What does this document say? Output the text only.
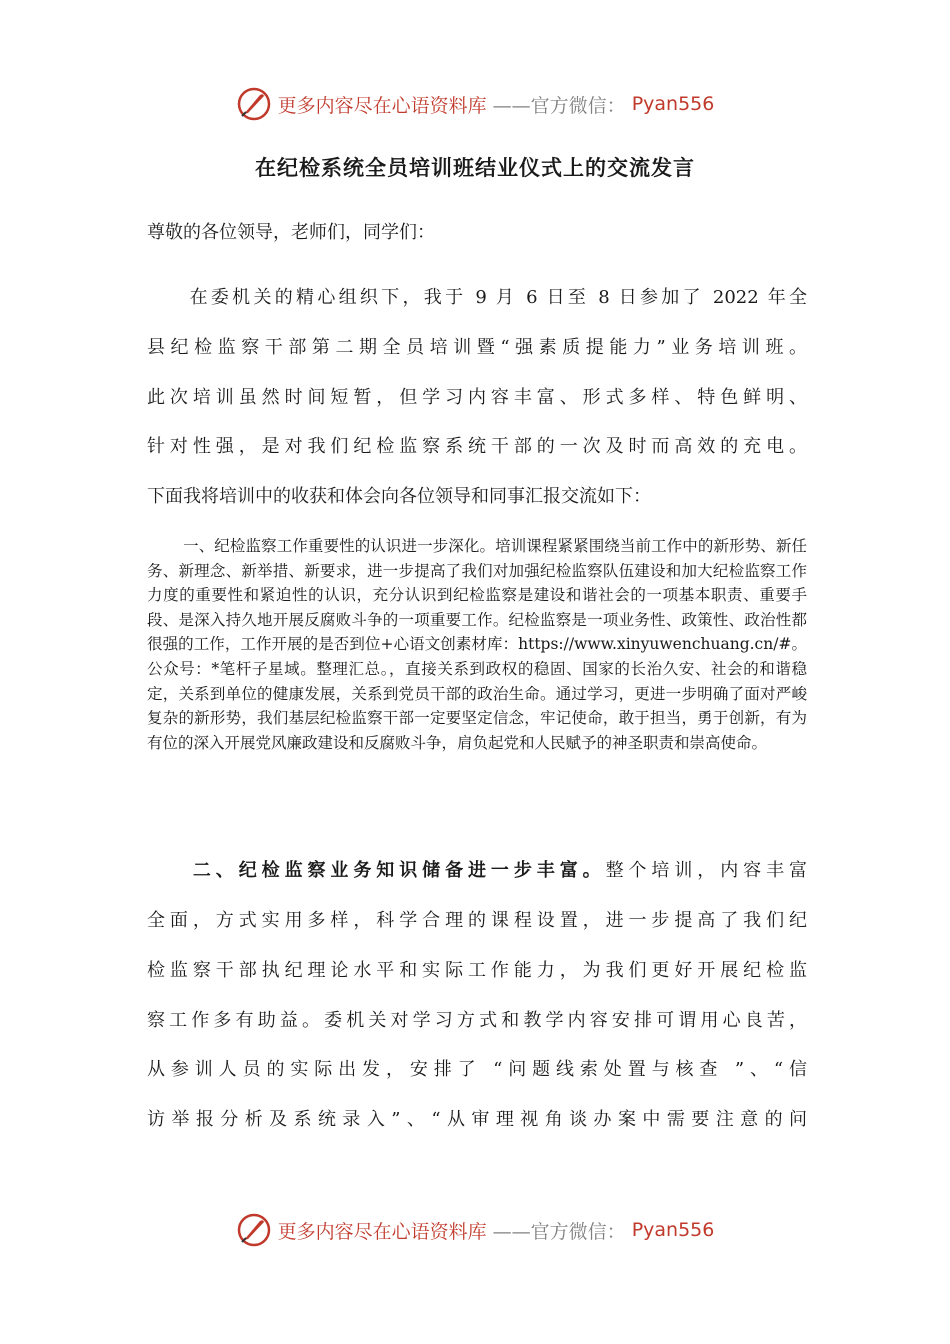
更多内容尽在心语资料库 ——官方微信： Pyan556
在纪检系统全员培训班结业仪式上的交流发言
尊敬的各位领导，老师们，同学们：
　　在委机关的精心组织下，我于 9 月 6 日至 8 日参加了 2022 年全
县纪检监察干部第二期全员培训暨“强素质提能力”业务培训班。
此次培训虽然时间短暂，但学习内容丰富、形式多样、特色鲜明、
针对性强，是对我们纪检监察系统干部的一次及时而高效的充电。
下面我将培训中的收获和体会向各位领导和同事汇报交流如下：
一、纪检监察工作重要性的认识进一步深化。培训课程紧紧围绕当前工作中的新形势、新任务、新理念、新举措、新要求，进一步提高了我们对加强纪检监察队伍建设和加大纪检监察工作力度的重要性和紧迫性的认识，充分认识到纪检监察是建设和谐社会的一项基本职责、重要手段、是深入持久地开展反腐败斗争的一项重要工作。纪检监察是一项业务性、政策性、政治性都很强的工作，工作开展的是否到位+心语文创素材库：https://www.xinyuwenchuang.cn/#。公众号：*笔杆子星域。整理汇总。，直接关系到政权的稳固、国家的长治久安、社会的和谐稳定，关系到单位的健康发展，关系到党员干部的政治生命。通过学习，更进一步明确了面对严峻复杂的新形势，我们基层纪检监察干部一定要坚定信念，牢记使命，敢于担当，勇于创新，有为有位的深入开展党风廉政建设和反腐败斗争，肩负起党和人民赋予的神圣职责和崇高使命。
　　二、纪检监察业务知识储备进一步丰富。整个培训，内容丰富
全面，方式实用多样，科学合理的课程设置，进一步提高了我们纪
检监察干部执纪理论水平和实际工作能力，为我们更好开展纪检监
察工作多有助益。委机关对学习方式和教学内容安排可谓用心良苦，
从参训人员的实际出发，安排了 “问题线索处置与核查 ”、“信
访举报分析及系统录入”、“从审理视角谈办案中需要注意的问
更多内容尽在心语资料库 ——官方微信： Pyan556
